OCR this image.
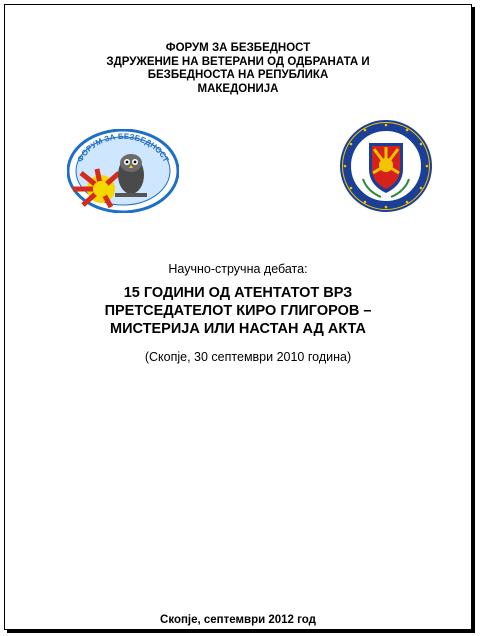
ФОРУМ ЗА БЕЗБЕДНОСТ
ЗДРУЖЕНИЕ НА ВЕТЕРАНИ ОД ОДБРАНАТА И
БЕЗБЕДНОСТА НА РЕПУБЛИКА
МАКЕДОНИЈА
ФОРУМ ЗА БЕЗБЕДНОСТ
Научно-стручна дебата:
15 ГОДИНИ ОД АТЕНТАТОТ ВРЗ
ПРЕТСЕДАТЕЛОТ КИРО ГЛИГОРОВ –
МИСТЕРИЈА ИЛИ НАСТАН АД АКТА
(Скопје, 30 септември 2010 година)
Скопје, септември 2012 год
